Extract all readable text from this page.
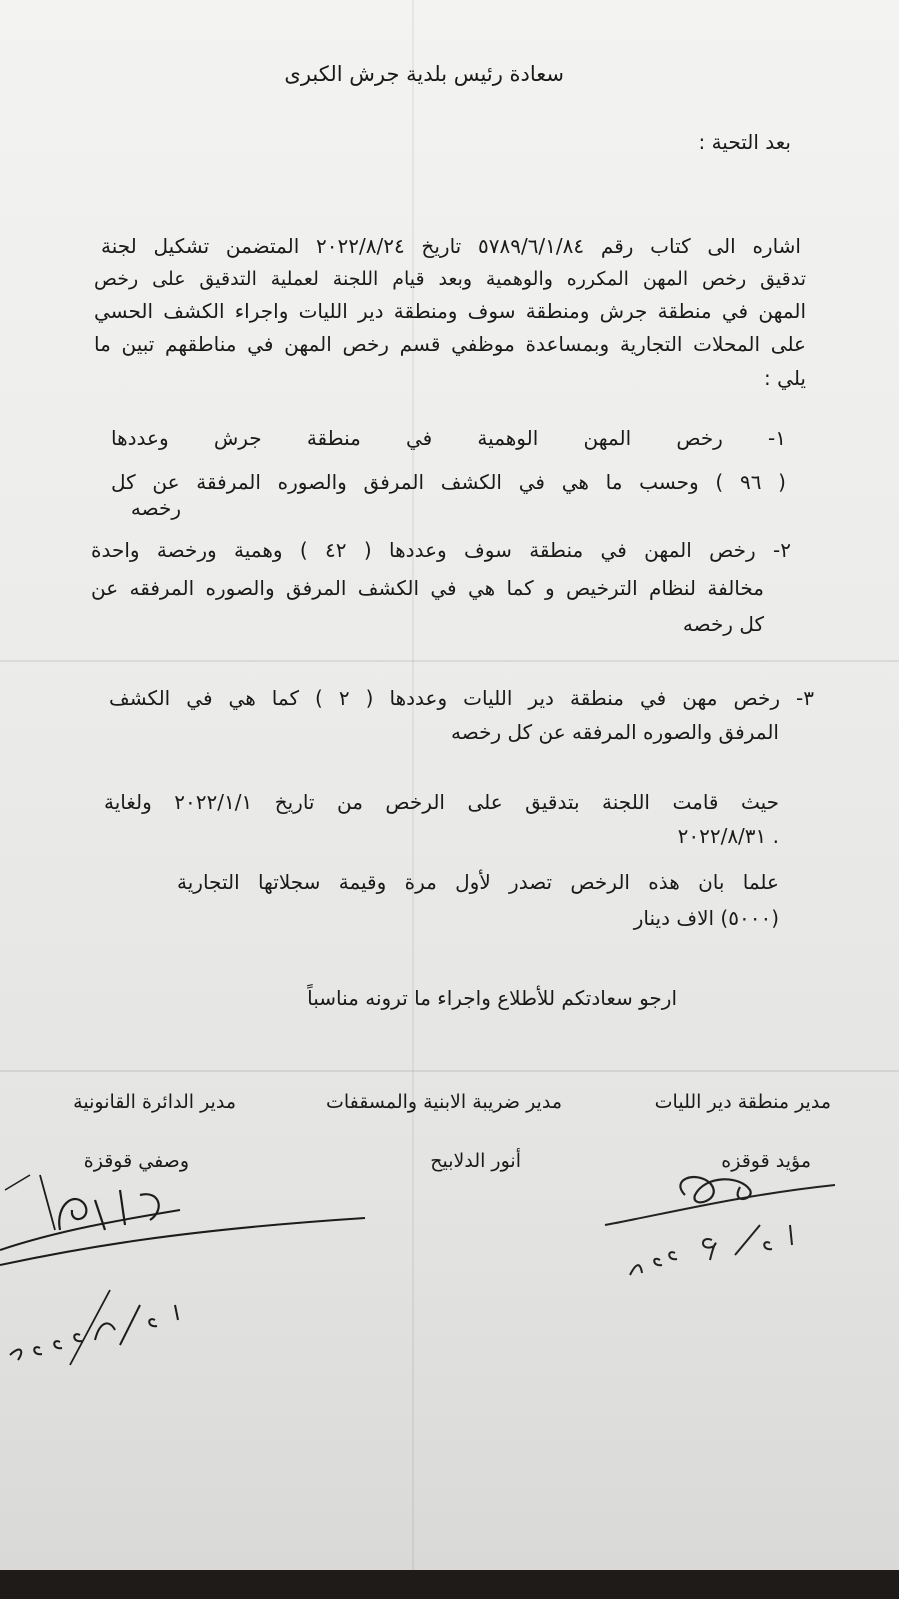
سعادة رئيس بلدية جرش الكبرى
بعد التحية :
اشاره الى كتاب رقم ٥٧٨٩/٦/١/٨٤ تاريخ ٢٠٢٢/٨/٢٤ المتضمن تشكيل لجنة
تدقيق رخص المهن المكرره والوهمية وبعد قيام اللجنة لعملية التدقيق على رخص
المهن في منطقة جرش ومنطقة سوف ومنطقة دير الليات واجراء الكشف الحسي
على المحلات التجارية وبمساعدة موظفي قسم رخص المهن في مناطقهم تبين ما
يلي :
١- رخص المهن الوهمية في منطقة جرش وعددها
( ٩٦ ) وحسب ما هي في الكشف المرفق والصوره المرفقة عن كل
رخصه
٢- رخص المهن في منطقة سوف وعددها ( ٤٢ ) وهمية ورخصة واحدة
مخالفة لنظام الترخيص و كما هي في الكشف المرفق والصوره المرفقه عن
كل رخصه
٣- رخص مهن في منطقة دير الليات وعددها ( ٢ ) كما هي في الكشف
المرفق والصوره المرفقه عن كل رخصه
حيث قامت اللجنة بتدقيق على الرخص من تاريخ ٢٠٢٢/١/١ ولغاية
٢٠٢٢/٨/٣١ .
علما بان هذه الرخص تصدر لأول مرة وقيمة سجلاتها التجارية
(٥٠٠٠) الاف دينار
ارجو سعادتكم للأطلاع واجراء ما ترونه مناسباً
مدير منطقة دير الليات
مدير ضريبة الابنية والمسقفات
مدير الدائرة القانونية
مؤيد قوقزه
أنور الدلابيح
وصفي قوقزة
